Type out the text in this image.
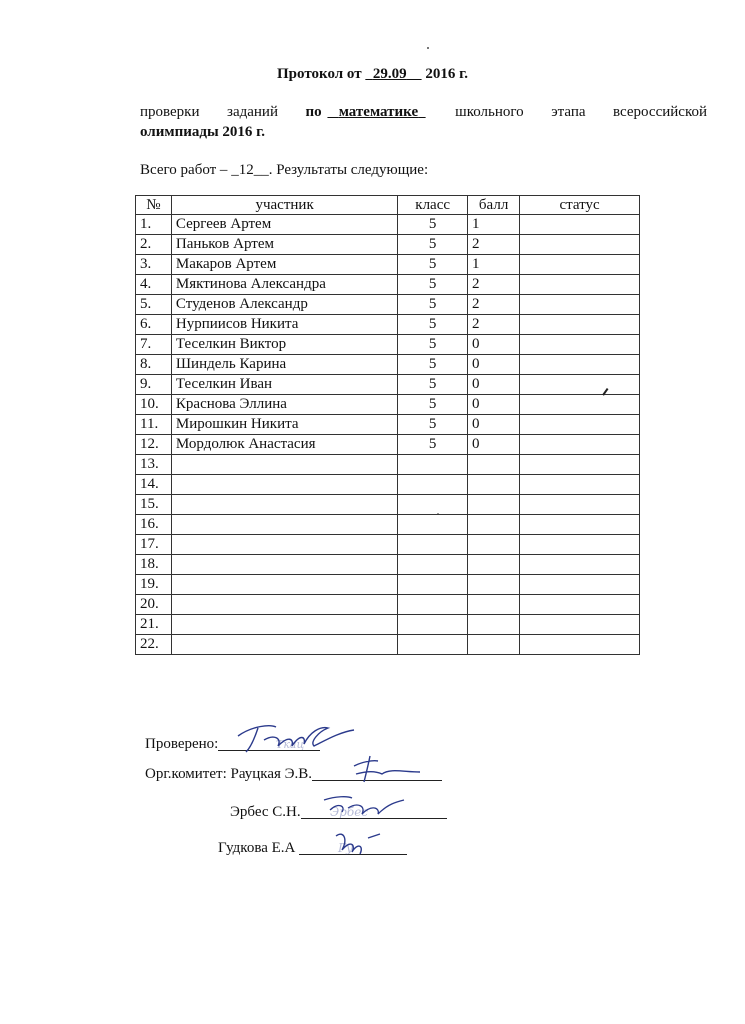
Протокол от 29.09 2016 г.
проверки заданий по математике	школьного этапа всероссийской
олимпиады 2016 г.
Всего работ – _12__. Результаты следующие:
№	участник	класс	балл	статус
1.	Сергеев Артем	5	1	
2.	Паньков Артем	5	2	
3.	Макаров Артем	5	1	
4.	Мяктинова Александра	5	2	
5.	Студенов Александр	5	2	
6.	Нурпиисов Никита	5	2	
7.	Теселкин Виктор	5	0	
8.	Шиндель Карина	5	0	
9.	Теселкин Иван	5	0	
10.	Краснова Эллина	5	0	
11.	Мирошкин Никита	5	0	
12.	Мордолюк Анастасия	5	0	
13.				
14.				
15.				
16.				
17.				
18.				
19.				
20.				
21.				
22.				
Проверено:	Ткац
Орг.комитет: Рауцкая Э.В.
Эрбес С.Н.	Эрбес
Гудкова Е.А	Гу
